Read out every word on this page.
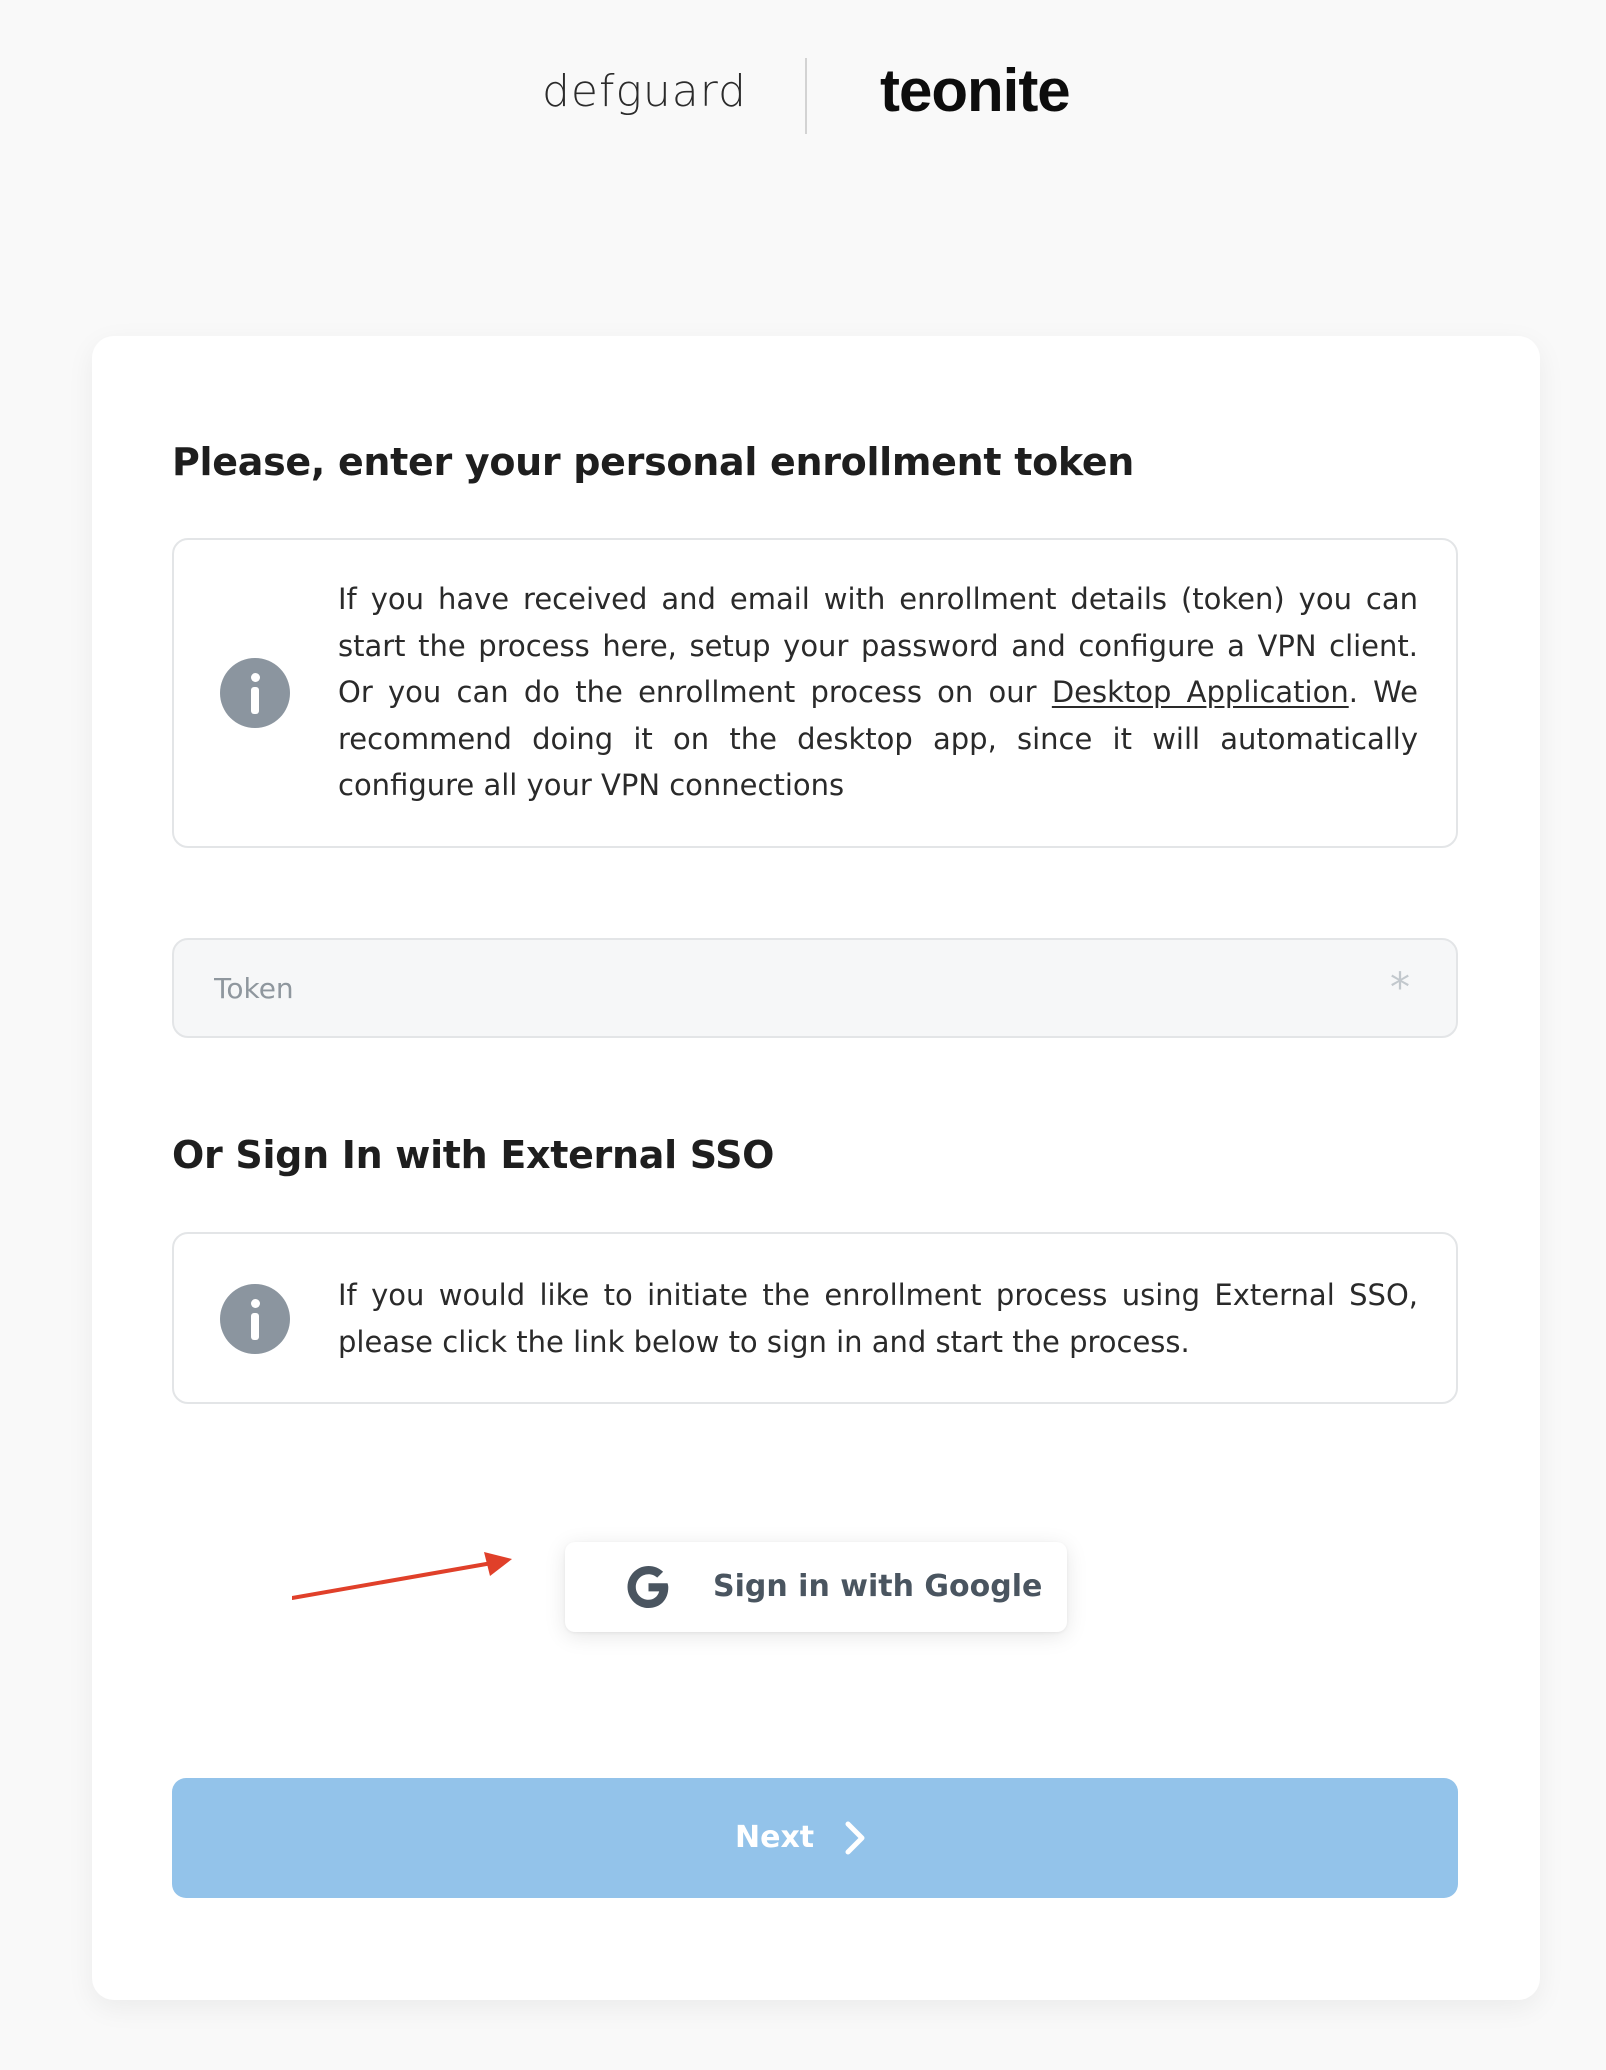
defguard teonite
Please, enter your personal enrollment token
If you have received and email with enrollment details (token) you can start the process here, setup your password and configure a VPN client. Or you can do the enrollment process on our Desktop Application. We recommend doing it on the desktop app, since it will automatically configure all your VPN connections
Token
*
Or Sign In with External SSO
If you would like to initiate the enrollment process using External SSO, please click the link below to sign in and start the process.
Sign in with Google
Next
